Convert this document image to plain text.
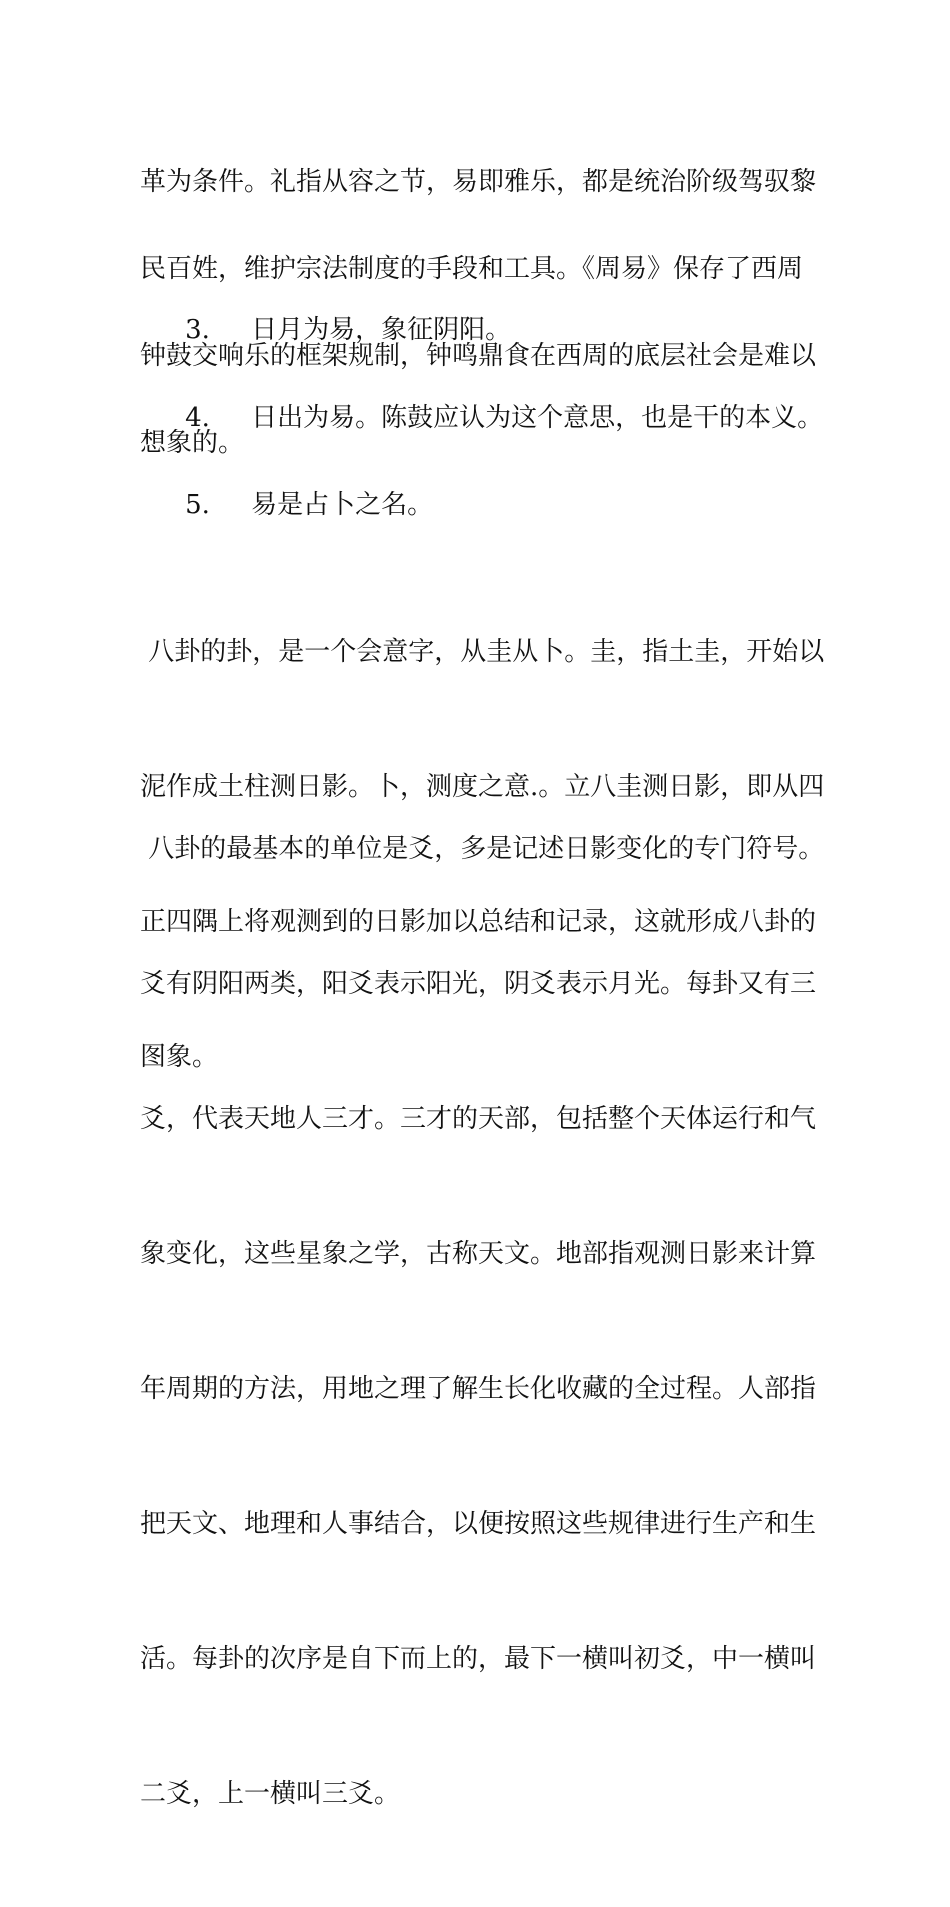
革为条件。礼指从容之节，易即雅乐，都是统治阶级驾驭黎

民百姓，维护宗法制度的手段和工具。《周易》保存了西周

钟鼓交响乐的框架规制，钟鸣鼎食在西周的底层社会是难以

想象的。

3. 日月为易，象征阴阳。

4. 日出为易。陈鼓应认为这个意思，也是干的本义。

5. 易是占卜之名。

八卦的卦，是一个会意字，从圭从卜。圭，指土圭，开始以

泥作成土柱测日影。卜，测度之意.。立八圭测日影，即从四

正四隅上将观测到的日影加以总结和记录，这就形成八卦的

图象。

八卦的最基本的单位是爻，多是记述日影变化的专门符号。

爻有阴阳两类，阳爻表示阳光，阴爻表示月光。每卦又有三

爻，代表天地人三才。三才的天部，包括整个天体运行和气

象变化，这些星象之学，古称天文。地部指观测日影来计算

年周期的方法，用地之理了解生长化收藏的全过程。人部指

把天文、地理和人事结合，以便按照这些规律进行生产和生

活。每卦的次序是自下而上的，最下一横叫初爻，中一横叫

二爻，上一横叫三爻。
